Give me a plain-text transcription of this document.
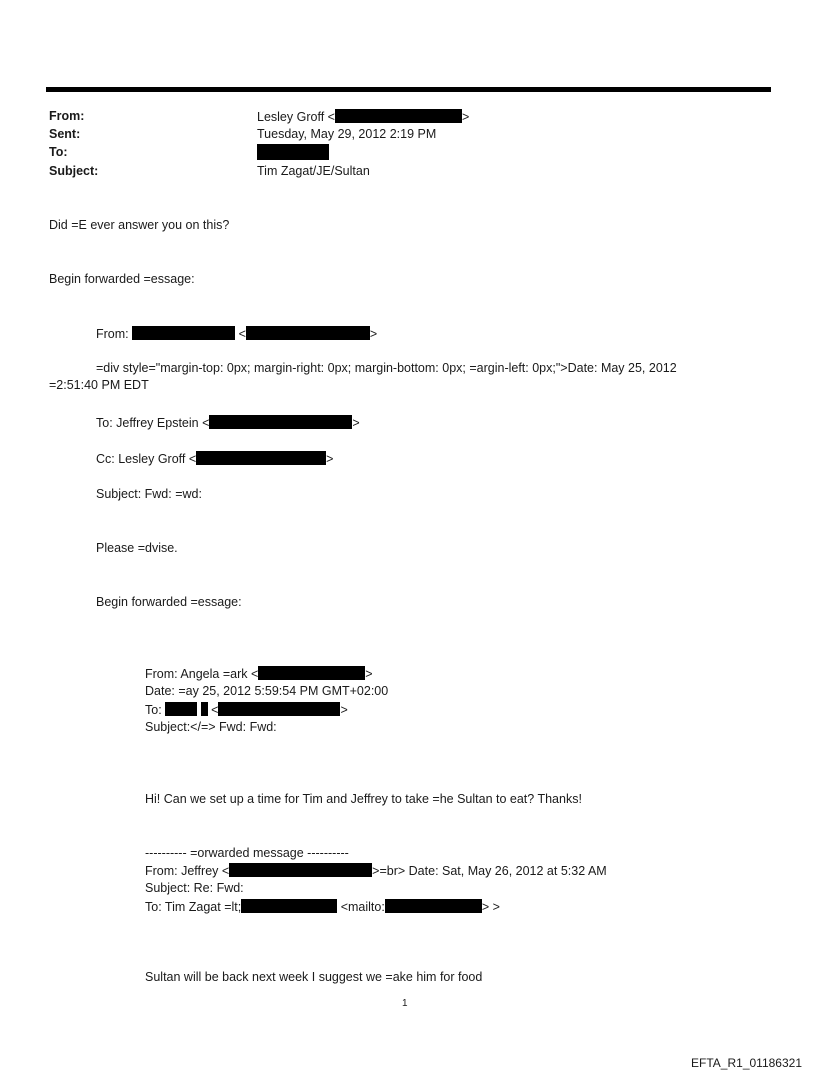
From:	Lesley Groff <	>
Sent:	Tuesday, May 29, 2012 2:19 PM
To:
Subject:	Tim Zagat/JE/Sultan
Did =E ever answer you on this?
Begin forwarded =essage:
From:	<	>
=div style="margin-top: 0px; margin-right: 0px; margin-bottom: 0px; =argin-left: 0px;">Date: May 25, 2012
=2:51:40 PM EDT
To: Jeffrey Epstein <	>
Cc: Lesley Groff <	>
Subject: Fwd: =wd:
Please =dvise.
Begin forwarded =essage:
From: Angela =ark <	>
Date: =ay 25, 2012 5:59:54 PM GMT+02:00
To:	<	>
Subject:</=> Fwd: Fwd:
Hi! Can we set up a time for Tim and Jeffrey to take =he Sultan to eat? Thanks!
---------- =orwarded message ----------
From: Jeffrey <	>=br> Date: Sat, May 26, 2012 at 5:32 AM
Subject: Re: Fwd:
To: Tim Zagat =lt;	<mailto:	> >
Sultan will be back next week I suggest we =ake him for food
1
EFTA_R1_01186321
